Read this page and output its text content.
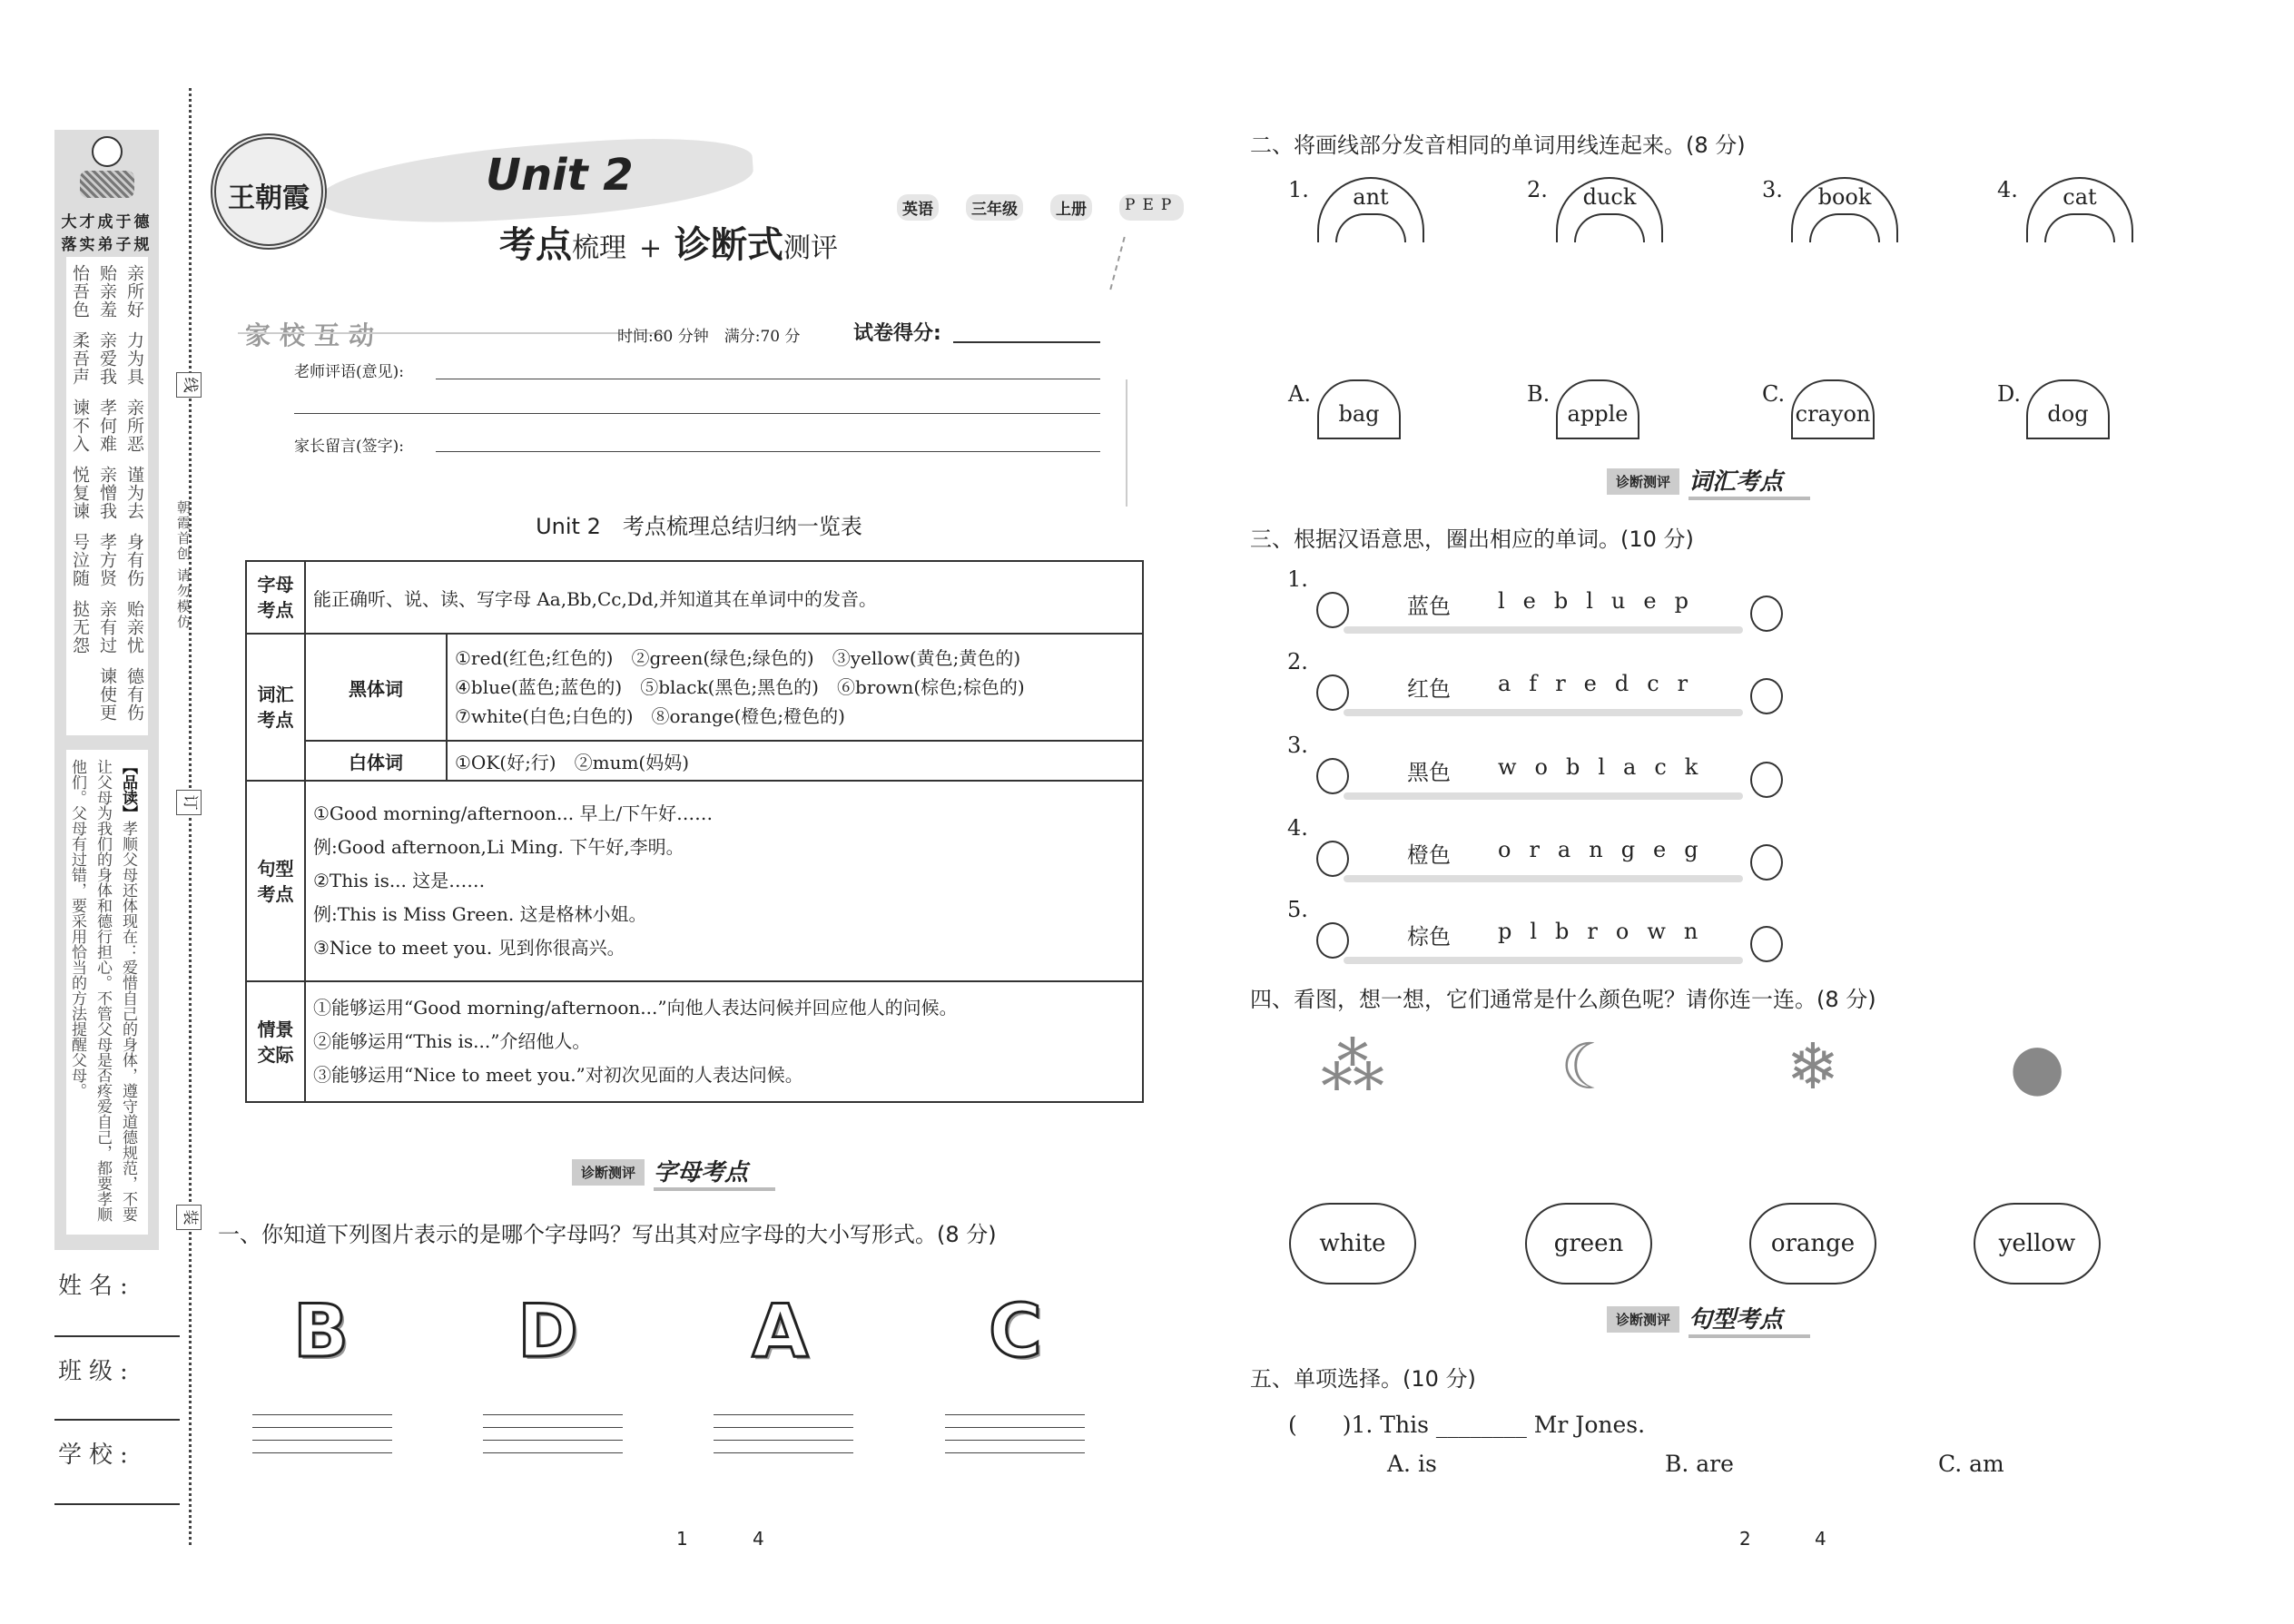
大才成于德
落实弟子规
亲所好
力为具
亲所恶
谨为去
身有伤
贻亲忧
德有伤
贻亲羞
亲爱我
孝何难
亲憎我
孝方贤
亲有过
谏使更
怡吾色
柔吾声
谏不入
悦复谏
号泣随
挞无怨
【品读】孝顺父母还体现在：爱惜自己的身体，遵守道德规范，不要让父母为我们的身体和德行担心。不管父母是否疼爱自己，都要孝顺他们。父母有过错，要采用恰当的方法提醒父母。
姓名:
班级:
学校:
线
订
装
朝霞首创 请勿模仿
王朝霞	Unit 2
考点梳理 + 诊断式测评
英语	三年级	上册	PEP
家校互动	时间:60 分钟　满分:70 分	试卷得分:
老师评语(意见):
家长留言(签字):
Unit 2　考点梳理总结归纳一览表
字母考点	能正确听、说、读、写字母 Aa,Bb,Cc,Dd,并知道其在单词中的发音。	
词汇考点	黑体词	①red(红色;红色的)　②green(绿色;绿色的)　③yellow(黄色;黄色的)
④blue(蓝色;蓝色的)　⑤black(黑色;黑色的)　⑥brown(棕色;棕色的)
⑦white(白色;白色的)　⑧orange(橙色;橙色的)

	白体词	①OK(好;行)　②mum(妈妈)
句型考点	①Good morning/afternoon... 早上/下午好……
例:Good afternoon,Li Ming. 下午好,李明。
②This is... 这是……
例:This is Miss Green. 这是格林小姐。
③Nice to meet you. 见到你很高兴。	

情景交际	①能够运用“Good morning/afternoon...”向他人表达问候并回应他人的问候。
②能够运用“This is...”介绍他人。
③能够运用“Nice to meet you.”对初次见面的人表达问候。	
诊断测评 字母考点
一、你知道下列图片表示的是哪个字母吗？写出其对应字母的大小写形式。(8 分)
B D A C
1	4
二、将画线部分发音相同的单词用线连起来。(8 分)
诊断测评 词汇考点
三、根据汉语意思，圈出相应的单词。(10 分)
四、看图，想一想，它们通常是什么颜色呢？请你连一连。(8 分)
⁂	☾	❄	●
white	green	orange	yellow
诊断测评 句型考点
五、单项选择。(10 分)
(　　)1. This ________ Mr Jones.
A. is	B. are	C. am
2	4
1.	ant
A.
bag
2.	duck
B.
apple
3.	book
C.
crayon
4.	cat
D.
dog
1.
蓝色 lebluep
2.
红色 afredcr
3.
黑色 woblack
4.
橙色 orangeg
5.
棕色 plbrown
